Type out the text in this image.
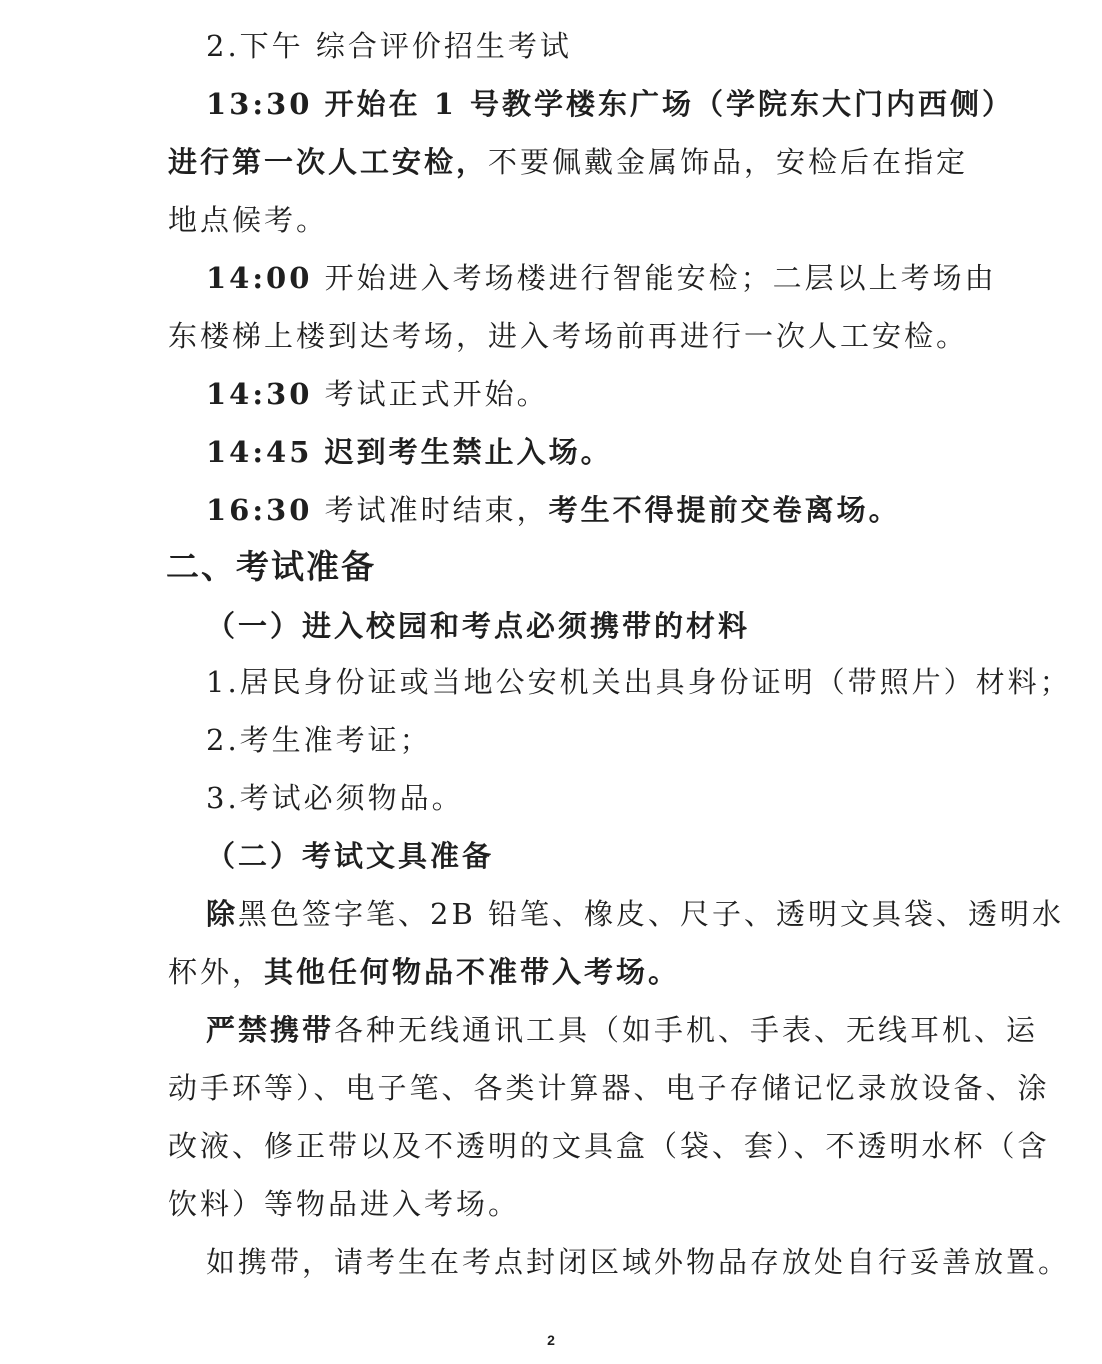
2.下午 综合评价招生考试
13:30 开始在 1 号教学楼东广场（学院东大门内西侧）
进行第一次人工安检，不要佩戴金属饰品，安检后在指定
地点候考。
14:00 开始进入考场楼进行智能安检；二层以上考场由
东楼梯上楼到达考场，进入考场前再进行一次人工安检。
14:30 考试正式开始。
14:45 迟到考生禁止入场。
16:30 考试准时结束，考生不得提前交卷离场。
二、考试准备
（一）进入校园和考点必须携带的材料
1.居民身份证或当地公安机关出具身份证明（带照片）材料；
2.考生准考证；
3.考试必须物品。
（二）考试文具准备
除黑色签字笔、2B 铅笔、橡皮、尺子、透明文具袋、透明水
杯外，其他任何物品不准带入考场。
严禁携带各种无线通讯工具（如手机、手表、无线耳机、运
动手环等）、电子笔、各类计算器、电子存储记忆录放设备、涂
改液、修正带以及不透明的文具盒（袋、套）、不透明水杯（含
饮料）等物品进入考场。
如携带，请考生在考点封闭区域外物品存放处自行妥善放置。
2
